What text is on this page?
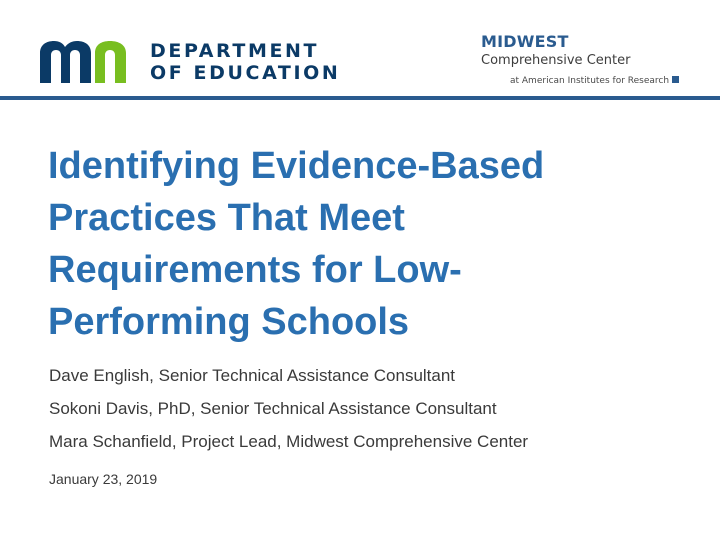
DEPARTMENT
OF EDUCATION
MIDWEST
Comprehensive Center
at American Institutes for Research
Identifying Evidence-Based
Practices That Meet
Requirements for Low-
Performing Schools
Dave English, Senior Technical Assistance Consultant
Sokoni Davis, PhD, Senior Technical Assistance Consultant
Mara Schanfield, Project Lead, Midwest Comprehensive Center
January 23, 2019
